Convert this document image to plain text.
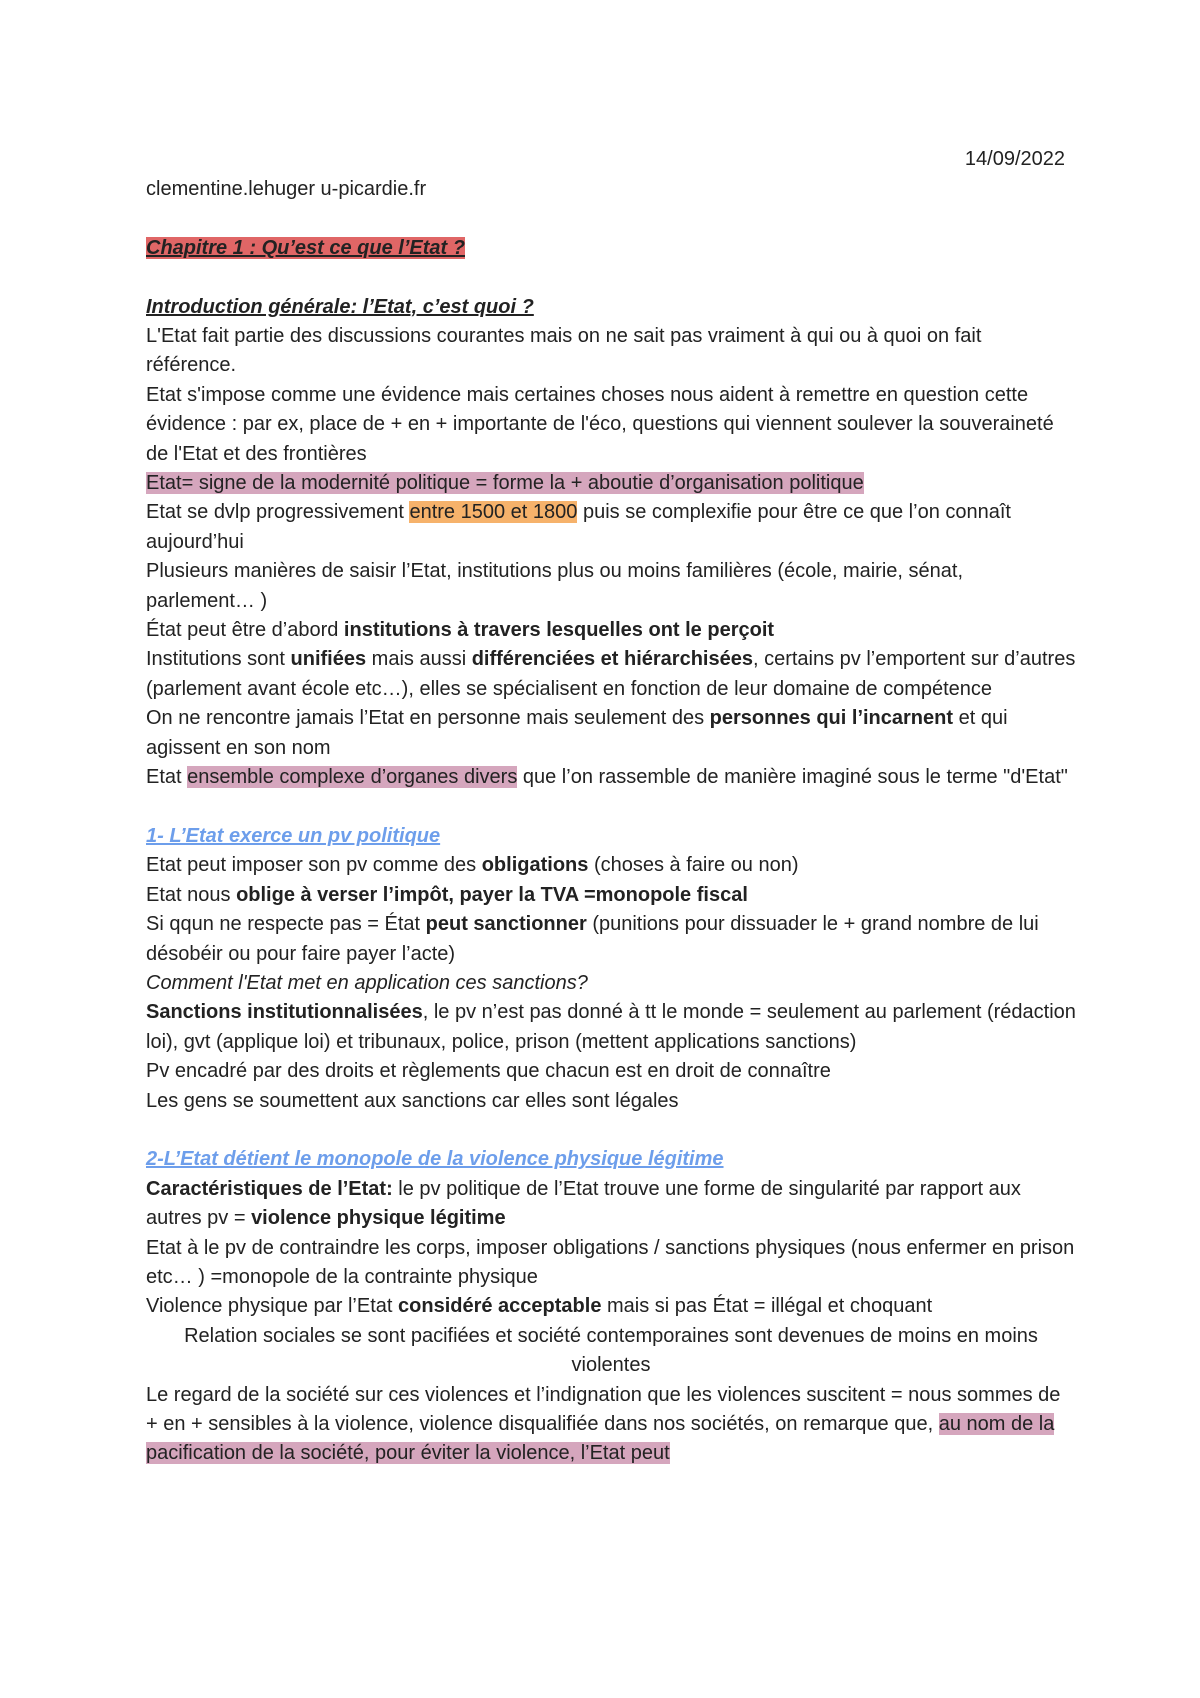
14/09/2022

clementine.lehuger u-picardie.fr

Chapitre 1 : Qu’est ce que l’Etat ?

Introduction générale: l’Etat, c’est quoi ?

L'Etat fait partie des discussions courantes mais on ne sait pas vraiment à qui ou à quoi on fait référence.

Etat s'impose comme une évidence mais certaines choses nous aident à remettre en question cette évidence : par ex, place de + en + importante de l'éco, questions qui viennent soulever la souveraineté de l'Etat et des frontières

Etat= signe de la modernité politique = forme la + aboutie d’organisation politique

Etat se dvlp progressivement entre 1500 et 1800 puis se complexifie pour être ce que l’on connaît aujourd’hui

Plusieurs manières de saisir l’Etat, institutions plus ou moins familières (école, mairie, sénat, parlement… )

État peut être d’abord institutions à travers lesquelles ont le perçoit

Institutions sont unifiées mais aussi différenciées et hiérarchisées, certains pv l’emportent sur d’autres (parlement avant école etc…), elles se spécialisent en fonction de leur domaine de compétence

On ne rencontre jamais l’Etat en personne mais seulement des personnes qui l’incarnent et qui agissent en son nom

Etat ensemble complexe d’organes divers que l’on rassemble de manière imaginé sous le terme "d'Etat"

1- L’Etat exerce un pv politique

Etat peut imposer son pv comme des obligations (choses à faire ou non)

Etat nous oblige à verser l’impôt, payer la TVA =monopole fiscal

Si qqun ne respecte pas = État peut sanctionner (punitions pour dissuader le + grand nombre de lui désobéir ou pour faire payer l’acte)

Comment l'Etat met en application ces sanctions?

Sanctions institutionnalisées, le pv n’est pas donné à tt le monde = seulement au parlement (rédaction loi), gvt (applique loi) et tribunaux, police, prison (mettent applications sanctions)

Pv encadré par des droits et règlements que chacun est en droit de connaître

Les gens se soumettent aux sanctions car elles sont légales

2-L’Etat détient le monopole de la violence physique légitime

Caractéristiques de l’Etat: le pv politique de l’Etat trouve une forme de singularité par rapport aux autres pv = violence physique légitime

Etat à le pv de contraindre les corps, imposer obligations / sanctions physiques (nous enfermer en prison etc… ) =monopole de la contrainte physique

Violence physique par l’Etat considéré acceptable mais si pas État = illégal et choquant

Relation sociales se sont pacifiées et société contemporaines sont devenues de moins en moins violentes

Le regard de la société sur ces violences et l’indignation que les violences suscitent = nous sommes de + en + sensibles à la violence, violence disqualifiée dans nos sociétés, on remarque que, au nom de la pacification de la société, pour éviter la violence, l’Etat peut
